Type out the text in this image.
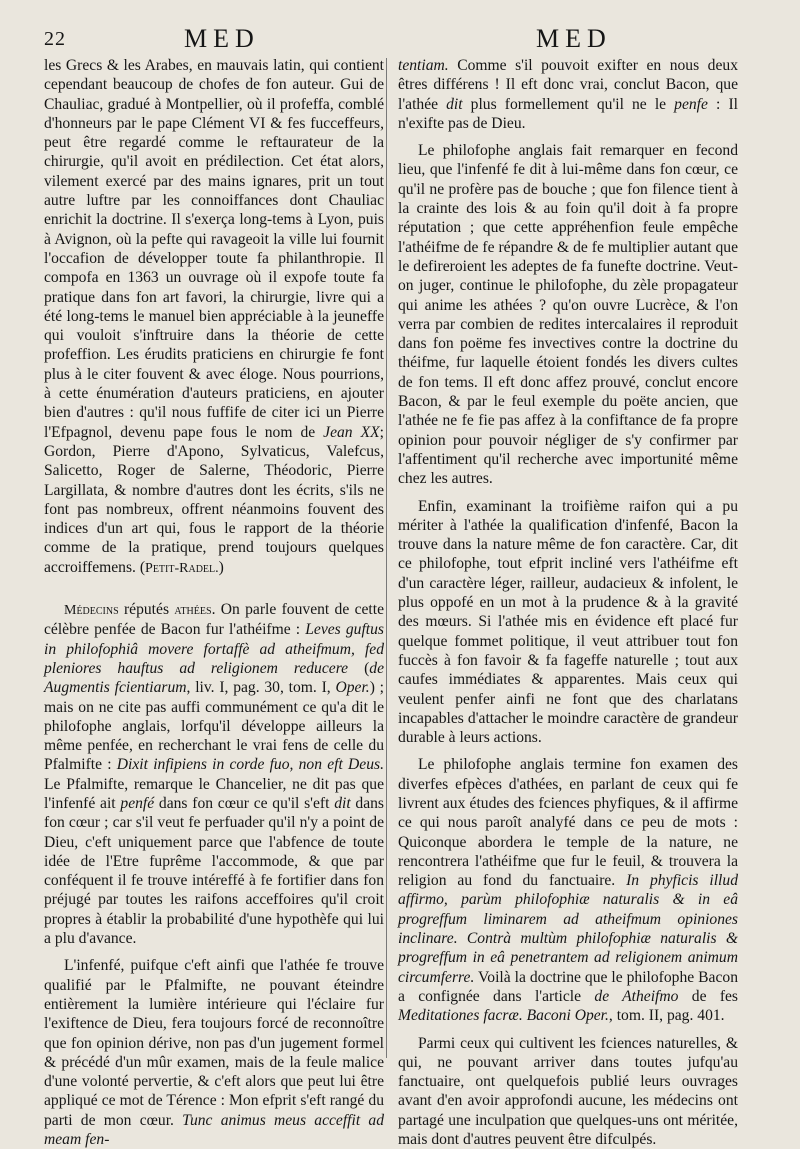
22	MED	MED

les Grecs & les Arabes, en mauvais latin, qui contient cependant beaucoup de chofes de fon auteur. Gui de Chauliac, gradué à Montpellier, où il profeffa, comblé d'honneurs par le pape Clément VI & fes fucceffeurs, peut être regardé comme le reftaurateur de la chirurgie, qu'il avoit en prédilection. Cet état alors, vilement exercé par des mains ignares, prit un tout autre luftre par les connoiffances dont Chauliac enrichit la doctrine. Il s'exerça long-tems à Lyon, puis à Avignon, où la pefte qui ravageoit la ville lui fournit l'occafion de développer toute fa philanthropie. Il compofa en 1363 un ouvrage où il expofe toute fa pratique dans fon art favori, la chirurgie, livre qui a été long-tems le manuel bien appréciable à la jeuneffe qui vouloit s'inftruire dans la théorie de cette profeffion. Les érudits praticiens en chirurgie fe font plus à le citer fouvent & avec éloge. Nous pourrions, à cette énumération d'auteurs praticiens, en ajouter bien d'autres : qu'il nous fuffife de citer ici un Pierre l'Efpagnol, devenu pape fous le nom de Jean XX; Gordon, Pierre d'Apono, Sylvaticus, Valefcus, Salicetto, Roger de Salerne, Théodoric, Pierre Largillata, & nombre d'autres dont les écrits, s'ils ne font pas nombreux, offrent néanmoins fouvent des indices d'un art qui, fous le rapport de la théorie comme de la pratique, prend toujours quelques accroiffemens. (Petit-Radel.)

Médecins réputés athées. On parle fouvent de cette célèbre penfée de Bacon fur l'athéifme : Leves guftus in philofophiâ movere fortaffè ad atheifmum, fed pleniores hauftus ad religionem reducere (de Augmentis fcientiarum, liv. I, pag. 30, tom. I, Oper.) ; mais on ne cite pas auffi communément ce qu'a dit le philofophe anglais, lorfqu'il développe ailleurs la même penfée, en recherchant le vrai fens de celle du Pfalmifte : Dixit infipiens in corde fuo, non eft Deus. Le Pfalmifte, remarque le Chancelier, ne dit pas que l'infenfé ait penfé dans fon cœur ce qu'il s'eft dit dans fon cœur ; car s'il veut fe perfuader qu'il n'y a point de Dieu, c'eft uniquement parce que l'abfence de toute idée de l'Etre fuprême l'accommode, & que par conféquent il fe trouve intéreffé à fe fortifier dans fon préjugé par toutes les raifons acceffoires qu'il croit propres à établir la probabilité d'une hypothèfe qui lui a plu d'avance.

L'infenfé, puifque c'eft ainfi que l'athée fe trouve qualifié par le Pfalmifte, ne pouvant éteindre entièrement la lumière intérieure qui l'éclaire fur l'exiftence de Dieu, fera toujours forcé de reconnoître que fon opinion dérive, non pas d'un jugement formel & précédé d'un mûr examen, mais de la feule malice d'une volonté pervertie, & c'eft alors que peut lui être appliqué ce mot de Térence : Mon efprit s'eft rangé du parti de mon cœur. Tunc animus meus acceffit ad meam fen-

tentiam. Comme s'il pouvoit exifter en nous deux êtres différens ! Il eft donc vrai, conclut Bacon, que l'athée dit plus formellement qu'il ne le penfe : Il n'exifte pas de Dieu.

Le philofophe anglais fait remarquer en fecond lieu, que l'infenfé fe dit à lui-même dans fon cœur, ce qu'il ne profère pas de bouche ; que fon filence tient à la crainte des lois & au foin qu'il doit à fa propre réputation ; que cette appréhenfion feule empêche l'athéifme de fe répandre & de fe multiplier autant que le defireroient les adeptes de fa funefte doctrine. Veut-on juger, continue le philofophe, du zèle propagateur qui anime les athées ? qu'on ouvre Lucrèce, & l'on verra par combien de redites intercalaires il reproduit dans fon poëme fes invectives contre la doctrine du théifme, fur laquelle étoient fondés les divers cultes de fon tems. Il eft donc affez prouvé, conclut encore Bacon, & par le feul exemple du poëte ancien, que l'athée ne fe fie pas affez à la confiftance de fa propre opinion pour pouvoir négliger de s'y confirmer par l'affentiment qu'il recherche avec importunité même chez les autres.

Enfin, examinant la troifième raifon qui a pu mériter à l'athée la qualification d'infenfé, Bacon la trouve dans la nature même de fon caractère. Car, dit ce philofophe, tout efprit incliné vers l'athéifme eft d'un caractère léger, railleur, audacieux & infolent, le plus oppofé en un mot à la prudence & à la gravité des mœurs. Si l'athée mis en évidence eft placé fur quelque fommet politique, il veut attribuer tout fon fuccès à fon favoir & fa fageffe naturelle ; tout aux caufes immédiates & apparentes. Mais ceux qui veulent penfer ainfi ne font que des charlatans incapables d'attacher le moindre caractère de grandeur durable à leurs actions.

Le philofophe anglais termine fon examen des diverfes efpèces d'athées, en parlant de ceux qui fe livrent aux études des fciences phyfiques, & il affirme ce qui nous paroît analyfé dans ce peu de mots : Quiconque abordera le temple de la nature, ne rencontrera l'athéifme que fur le feuil, & trouvera la religion au fond du fanctuaire. In phyficis illud affirmo, parùm philofophiæ naturalis & in eâ progreffum liminarem ad atheifmum opiniones inclinare. Contrà multùm philofophiæ naturalis & progreffum in eâ penetrantem ad religionem animum circumferre. Voilà la doctrine que le philofophe Bacon a confignée dans l'article de Atheifmo de fes Meditationes facræ. Baconi Oper., tom. II, pag. 401.

Parmi ceux qui cultivent les fciences naturelles, & qui, ne pouvant arriver dans toutes jufqu'au fanctuaire, ont quelquefois publié leurs ouvrages avant d'en avoir approfondi aucune, les médecins ont partagé une inculpation que quelques-uns ont méritée, mais dont d'autres peuvent être difculpés.
